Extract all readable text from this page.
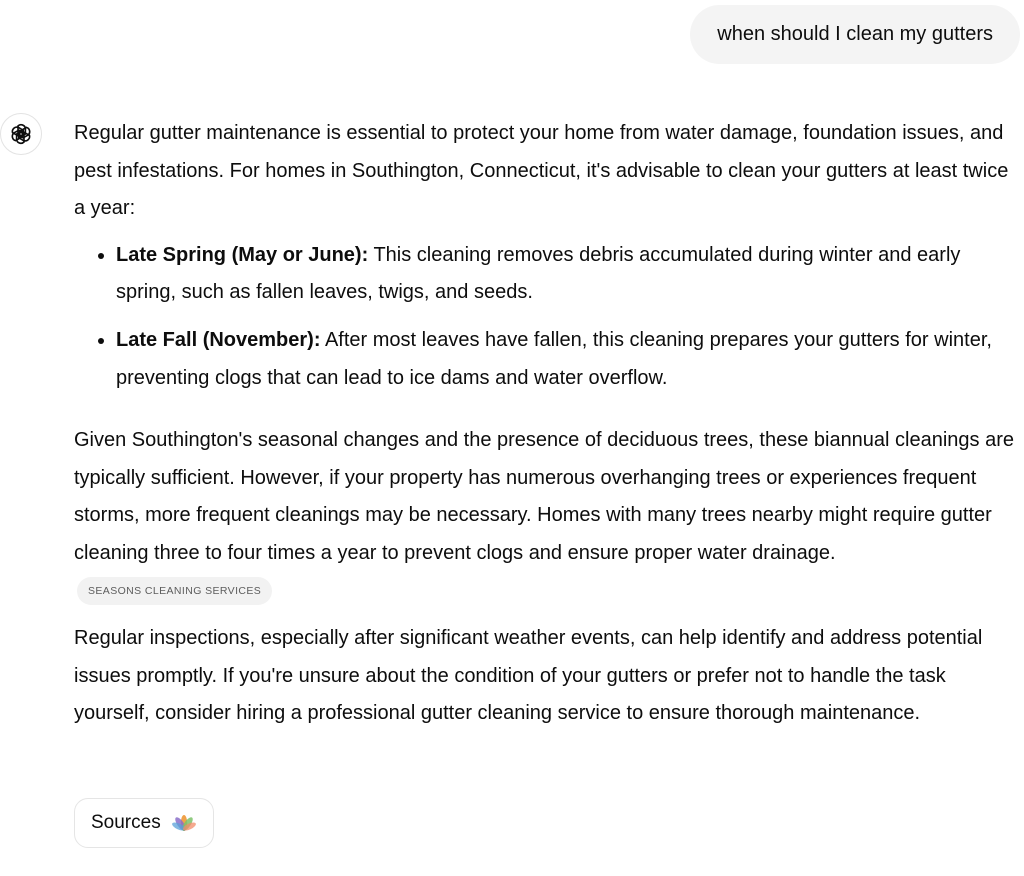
when should I clean my gutters

Regular gutter maintenance is essential to protect your home from water damage, foundation issues, and pest infestations. For homes in Southington, Connecticut, it's advisable to clean your gutters at least twice a year:

• Late Spring (May or June): This cleaning removes debris accumulated during winter and early spring, such as fallen leaves, twigs, and seeds.
• Late Fall (November): After most leaves have fallen, this cleaning prepares your gutters for winter, preventing clogs that can lead to ice dams and water overflow.

Given Southington's seasonal changes and the presence of deciduous trees, these biannual cleanings are typically sufficient. However, if your property has numerous overhanging trees or experiences frequent storms, more frequent cleanings may be necessary. Homes with many trees nearby might require gutter cleaning three to four times a year to prevent clogs and ensure proper water drainage. SEASONS CLEANING SERVICES

Regular inspections, especially after significant weather events, can help identify and address potential issues promptly. If you're unsure about the condition of your gutters or prefer not to handle the task yourself, consider hiring a professional gutter cleaning service to ensure thorough maintenance.

Sources
